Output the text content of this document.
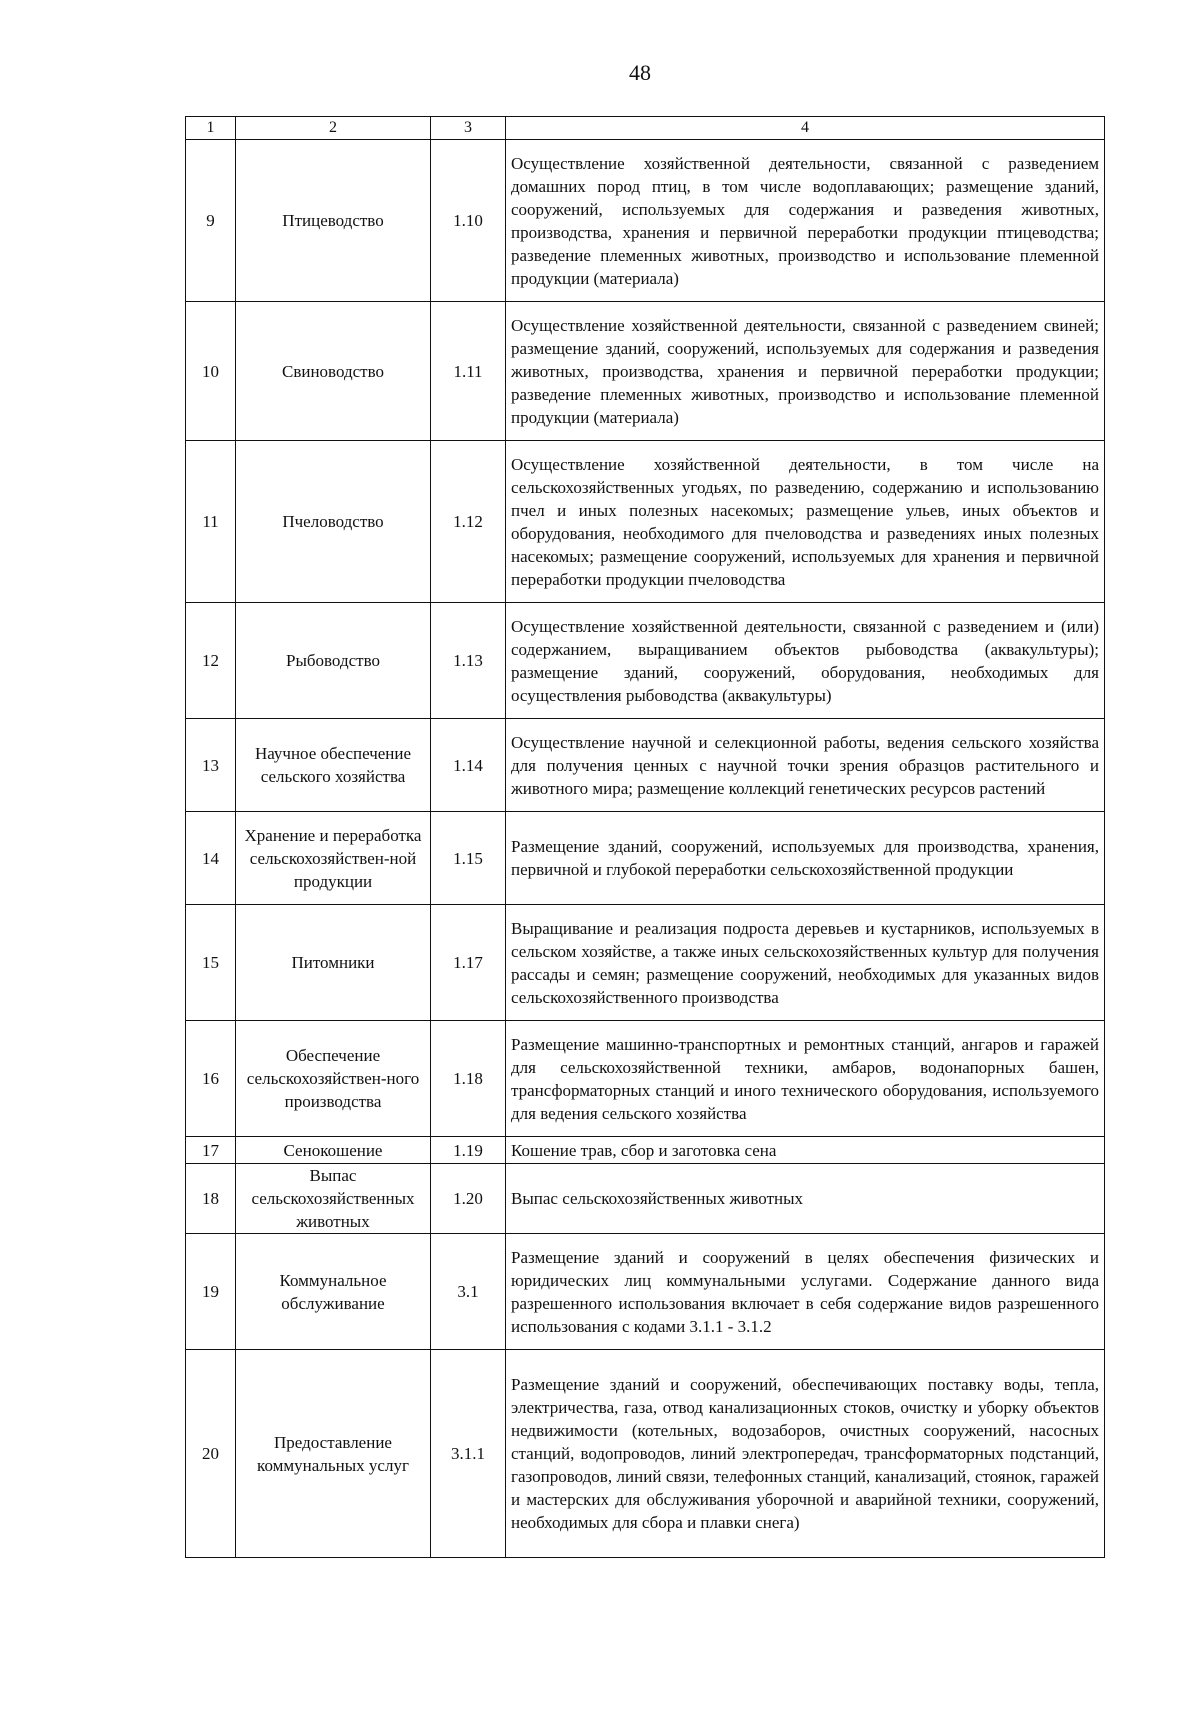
48
1	2	3	4
9	Птицеводство	1.10	Осуществление хозяйственной деятельности, связанной с разведением домашних пород птиц, в том числе водоплавающих; размещение зданий, сооружений, используемых для содержания и разведения животных, производства, хранения и первичной переработки продукции птицеводства; разведение племенных животных, производство и использование племенной продукции (материала)
10	Свиноводство	1.11	Осуществление хозяйственной деятельности, связанной с разведением свиней; размещение зданий, сооружений, используемых для содержания и разведения животных, производства, хранения и первичной переработки продукции; разведение племенных животных, производство и использование племенной продукции (материала)
11	Пчеловодство	1.12	Осуществление хозяйственной деятельности, в том числе на сельскохозяйственных угодьях, по разведению, содержанию и использованию пчел и иных полезных насекомых; размещение ульев, иных объектов и оборудования, необходимого для пчеловодства и разведениях иных полезных насекомых; размещение сооружений, используемых для хранения и первичной переработки продукции пчеловодства
12	Рыбоводство	1.13	Осуществление хозяйственной деятельности, связанной с разведением и (или) содержанием, выращиванием объектов рыбоводства (аквакультуры); размещение зданий, сооружений, оборудования, необходимых для осуществления рыбоводства (аквакультуры)
13	Научное обеспечение сельского хозяйства	1.14	Осуществление научной и селекционной работы, ведения сельского хозяйства для получения ценных с научной точки зрения образцов растительного и животного мира; размещение коллекций генетических ресурсов растений
14	Хранение и переработка сельскохозяйствен-ной продукции	1.15	Размещение зданий, сооружений, используемых для производства, хранения, первичной и глубокой переработки сельскохозяйственной продукции
15	Питомники	1.17	Выращивание и реализация подроста деревьев и кустарников, используемых в сельском хозяйстве, а также иных сельскохозяйственных культур для получения рассады и семян; размещение сооружений, необходимых для указанных видов сельскохозяйственного производства
16	Обеспечение сельскохозяйствен-ного производства	1.18	Размещение машинно-транспортных и ремонтных станций, ангаров и гаражей для сельскохозяйственной техники, амбаров, водонапорных башен, трансформаторных станций и иного технического оборудования, используемого для ведения сельского хозяйства
17	Сенокошение	1.19	Кошение трав, сбор и заготовка сена
18	Выпас сельскохозяйственных животных	1.20	Выпас сельскохозяйственных животных
19	Коммунальное обслуживание	3.1	Размещение зданий и сооружений в целях обеспечения физических и юридических лиц коммунальными услугами. Содержание данного вида разрешенного использования включает в себя содержание видов разрешенного использования с кодами 3.1.1 - 3.1.2
20	Предоставление коммунальных услуг	3.1.1	Размещение зданий и сооружений, обеспечивающих поставку воды, тепла, электричества, газа, отвод канализационных стоков, очистку и уборку объектов недвижимости (котельных, водозаборов, очистных сооружений, насосных станций, водопроводов, линий электропередач, трансформаторных подстанций, газопроводов, линий связи, телефонных станций, канализаций, стоянок, гаражей и мастерских для обслуживания уборочной и аварийной техники, сооружений, необходимых для сбора и плавки снега)
